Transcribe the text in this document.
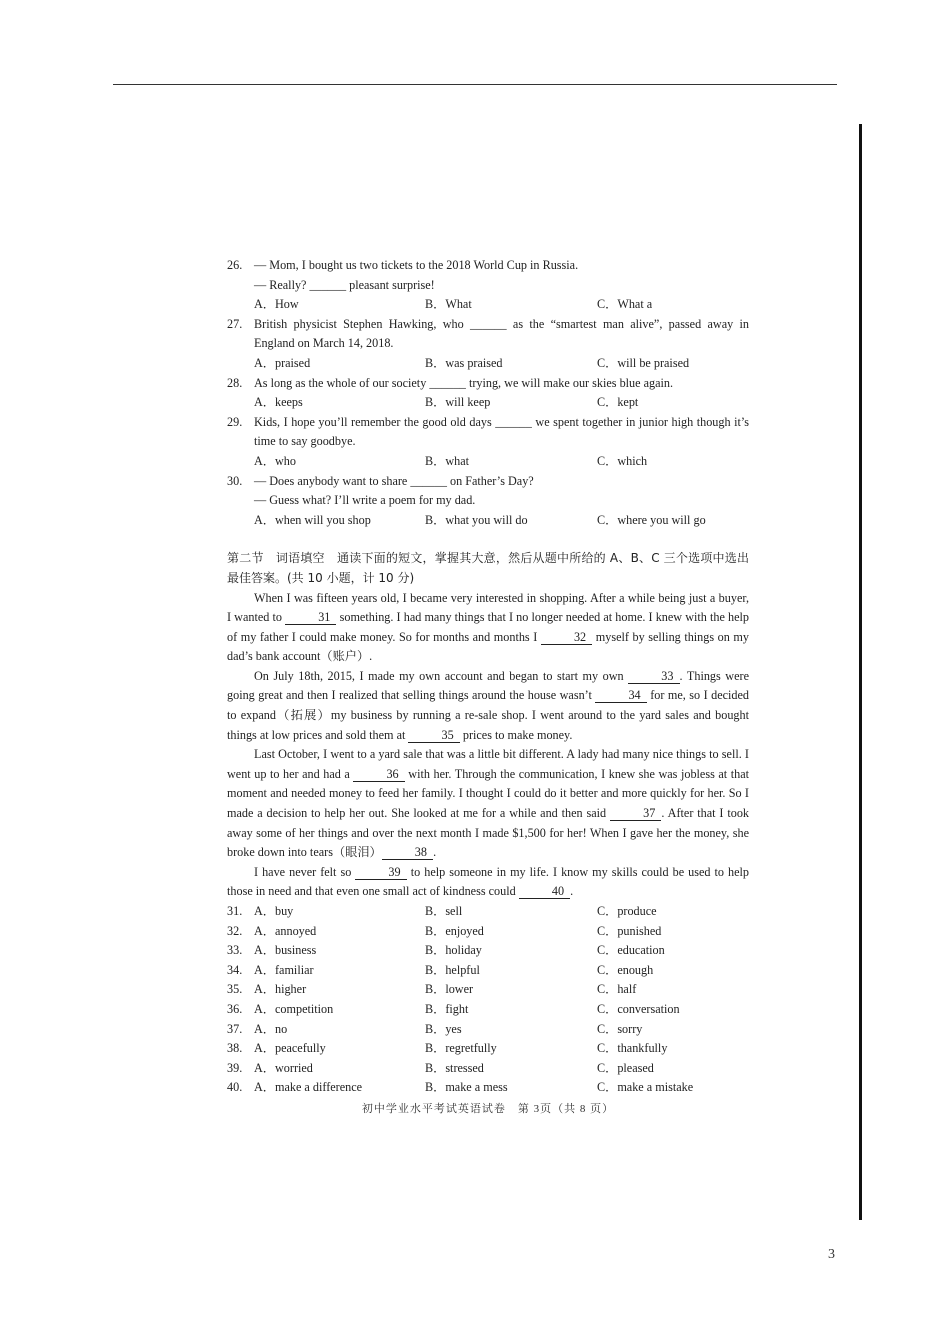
26. — Mom, I bought us two tickets to the 2018 World Cup in Russia.
— Really? ______ pleasant surprise!
A．How	B．What	C．What a
27. British physicist Stephen Hawking, who ______ as the “smartest man alive”, passed away in England on March 14, 2018.
A．praised	B．was praised	C．will be praised
28. As long as the whole of our society ______ trying, we will make our skies blue again.
A．keeps	B．will keep	C．kept
29. Kids, I hope you’ll remember the good old days ______ we spent together in junior high though it’s time to say goodbye.
A．who	B．what	C．which
30. — Does anybody want to share ______ on Father’s Day?
— Guess what? I’ll write a poem for my dad.
A．when will you shop	B．what you will do	C．where you will go
第二节　词语填空　通读下面的短文，掌握其大意，然后从题中所给的 A、B、C 三个选项中选出最佳答案。(共 10 小题，计 10 分)
When I was fifteen years old, I became very interested in shopping. After a while being just a buyer, I wanted to	31   something. I had many things that I no longer needed at home. I knew with the help of my father I could make money. So for months and months I	32   myself by selling things on my dad’s bank account（账户）.
On July 18th, 2015, I made my own account and began to start my own	33 . Things were going great and then I realized that selling things around the house wasn’t	34   for me, so I decided to expand（拓展）my business by running a re-sale shop. I went around to the yard sales and bought things at low prices and sold them at	35   prices to make money.
Last October, I went to a yard sale that was a little bit different. A lady had many nice things to sell. I went up to her and had a	36   with her. Through the communication, I knew she was jobless at that moment and needed money to feed her family. I thought I could do it better and more quickly for her. So I made a decision to help her out. She looked at me for a while and then said	37 . After that I took away some of her things and over the next month I made $1,500 for her! When I gave her the money, she broke down into tears（眼泪）	38 .
I have never felt so	39   to help someone in my life. I know my skills could be used to help those in need and that even one small act of kindness could	40 .
31. A．buy	B．sell	C．produce
32. A．annoyed	B．enjoyed	C．punished
33. A．business	B．holiday	C．education
34. A．familiar	B．helpful	C．enough
35. A．higher	B．lower	C．half
36. A．competition	B．fight	C．conversation
37. A．no	B．yes	C．sorry
38. A．peacefully	B．regretfully	C．thankfully
39. A．worried	B．stressed	C．pleased
40. A．make a difference	B．make a mess	C．make a mistake
初中学业水平考试英语试卷　第 3页（共 8 页）
3
